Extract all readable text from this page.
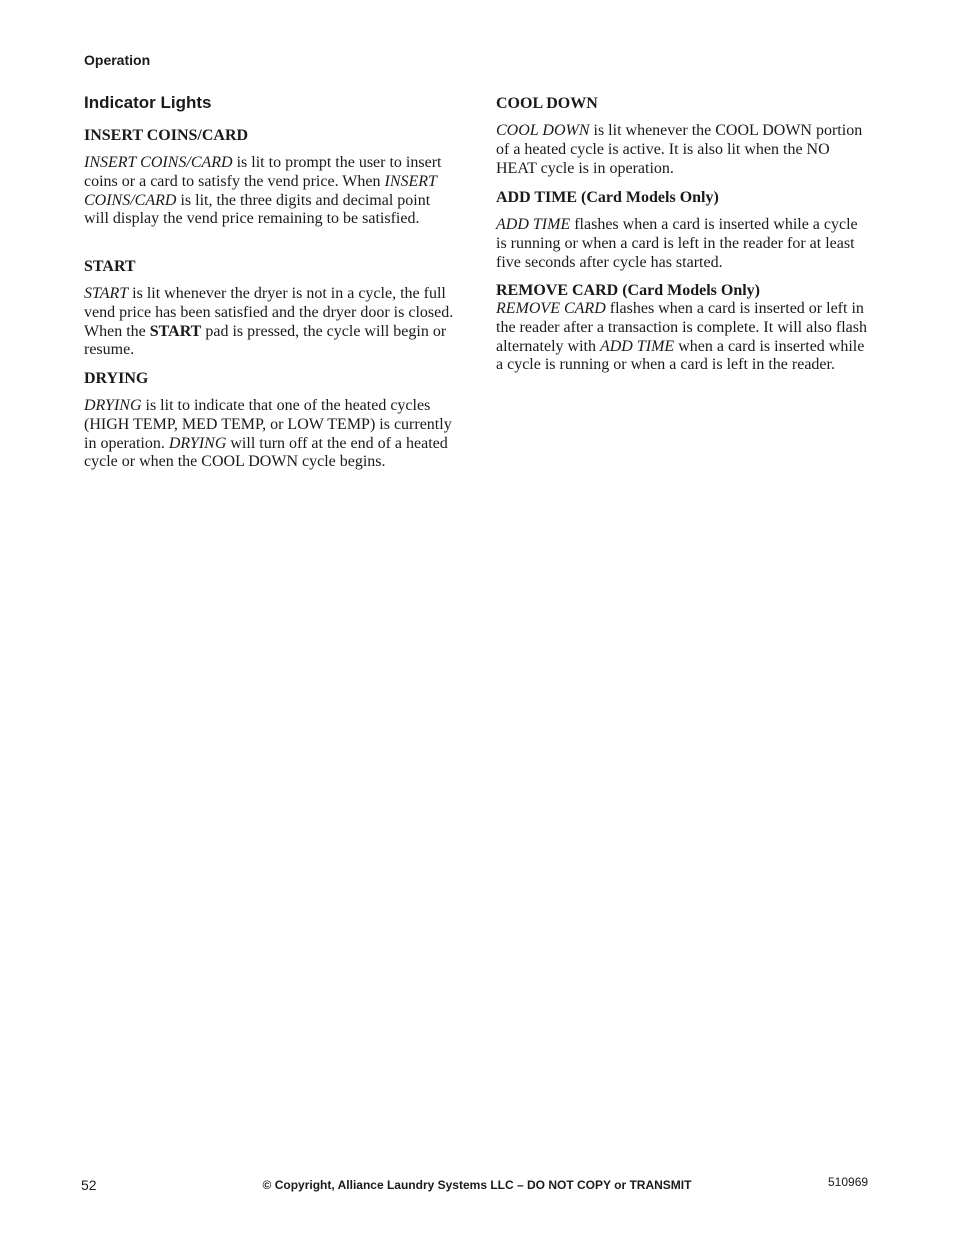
Operation
Indicator Lights
INSERT COINS/CARD
INSERT COINS/CARD is lit to prompt the user to insert coins or a card to satisfy the vend price. When INSERT COINS/CARD is lit, the three digits and decimal point will display the vend price remaining to be satisfied.
START
START is lit whenever the dryer is not in a cycle, the full vend price has been satisfied and the dryer door is closed. When the START pad is pressed, the cycle will begin or resume.
DRYING
DRYING is lit to indicate that one of the heated cycles (HIGH TEMP, MED TEMP, or LOW TEMP) is currently in operation. DRYING will turn off at the end of a heated cycle or when the COOL DOWN cycle begins.
COOL DOWN
COOL DOWN is lit whenever the COOL DOWN portion of a heated cycle is active. It is also lit when the NO HEAT cycle is in operation.
ADD TIME (Card Models Only)
ADD TIME flashes when a card is inserted while a cycle is running or when a card is left in the reader for at least five seconds after cycle has started.
REMOVE CARD (Card Models Only)
REMOVE CARD flashes when a card is inserted or left in the reader after a transaction is complete. It will also flash alternately with ADD TIME when a card is inserted while a cycle is running or when a card is left in the reader.
52	© Copyright, Alliance Laundry Systems LLC – DO NOT COPY or TRANSMIT	510969
